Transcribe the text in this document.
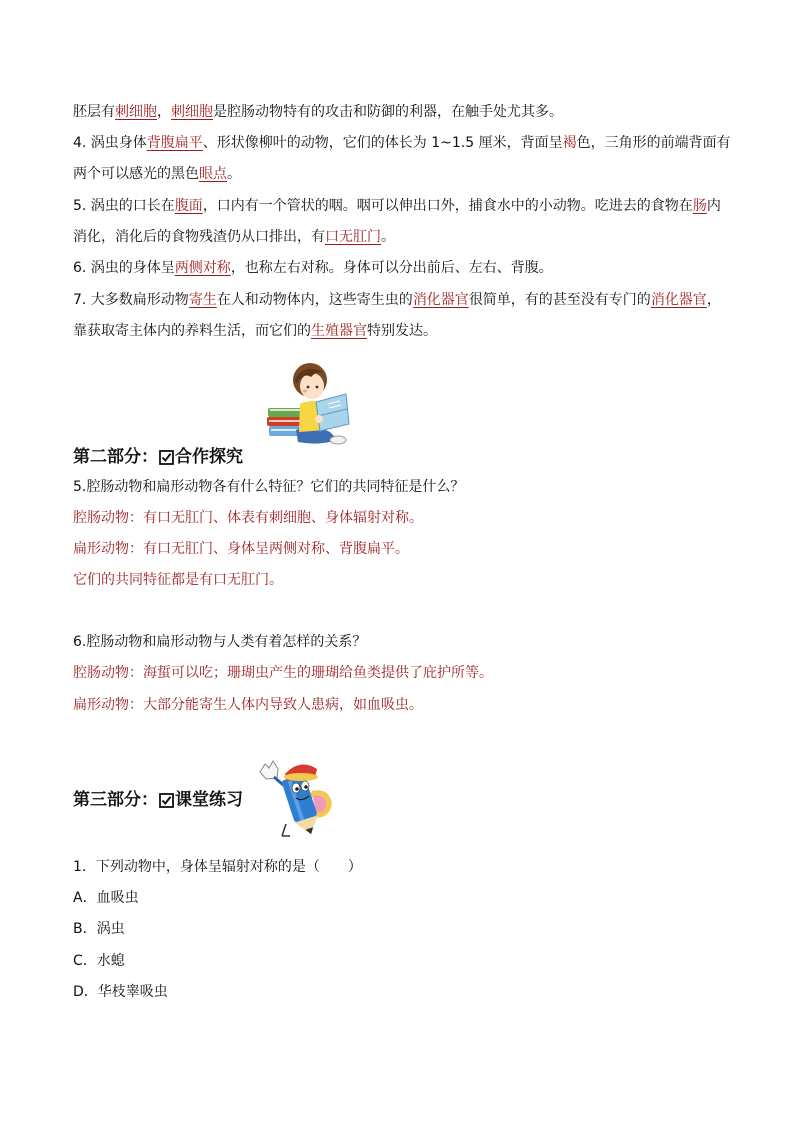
胚层有刺细胞，刺细胞是腔肠动物特有的攻击和防御的利器，在触手处尤其多。
4. 涡虫身体背腹扁平、形状像柳叶的动物，它们的体长为 1~1.5 厘米，背面呈褐色，三角形的前端背面有
两个可以感光的黑色眼点。
5. 涡虫的口长在腹面，口内有一个管状的咽。咽可以伸出口外，捕食水中的小动物。吃进去的食物在肠内
消化，消化后的食物残渣仍从口排出，有口无肛门。
6. 涡虫的身体呈两侧对称，也称左右对称。身体可以分出前后、左右、背腹。
7. 大多数扁形动物寄生在人和动物体内，这些寄生虫的消化器官很简单，有的甚至没有专门的消化器官，
靠获取寄主体内的养料生活，而它们的生殖器官特别发达。
第二部分： 合作探究
5.腔肠动物和扁形动物各有什么特征？它们的共同特征是什么？
腔肠动物：有口无肛门、体表有刺细胞、身体辐射对称。
扁形动物：有口无肛门、身体呈两侧对称、背腹扁平。
它们的共同特征都是有口无肛门。
6.腔肠动物和扁形动物与人类有着怎样的关系？
腔肠动物：海蜇可以吃；珊瑚虫产生的珊瑚给鱼类提供了庇护所等。
扁形动物：大部分能寄生人体内导致人患病，如血吸虫。
第三部分： 课堂练习
1．下列动物中，身体呈辐射对称的是（　　）
A．血吸虫
B．涡虫
C．水螅
D．华枝睾吸虫
